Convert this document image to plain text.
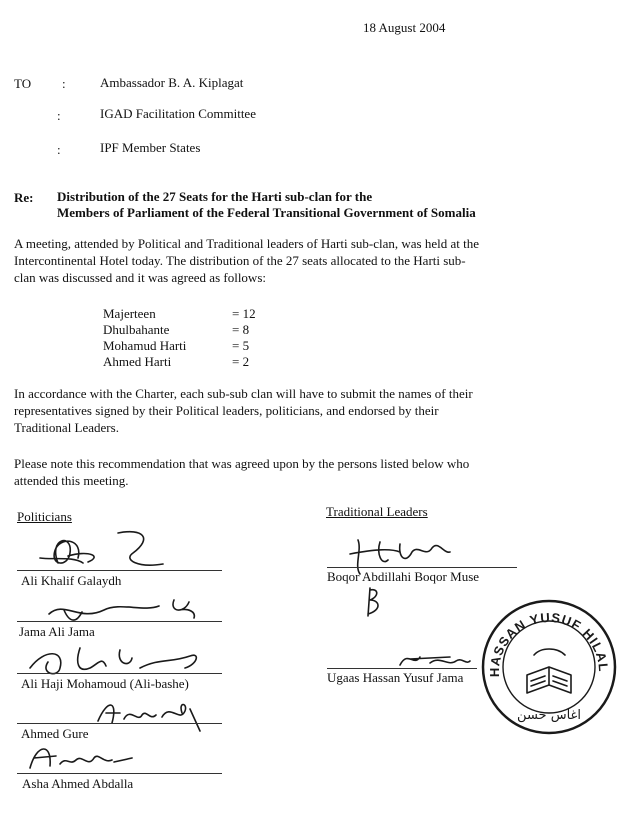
18 August 2004
TO :	Ambassador B. A. Kiplagat
:	IGAD Facilitation Committee
:	IPF Member States
Re: Distribution of the 27 Seats for the Harti sub-clan for the
Members of Parliament of the Federal Transitional Government of Somalia
A meeting, attended by Political and Traditional leaders of Harti sub-clan, was held at the
Intercontinental Hotel today. The distribution of the 27 seats allocated to the Harti sub-
clan was discussed and it was agreed as follows:
Majerteen	= 12
Dhulbahante	= 8
Mohamud Harti	= 5
Ahmed Harti	= 2
In accordance with the Charter, each sub-sub clan will have to submit the names of their
representatives signed by their Political leaders, politicians, and endorsed by their
Traditional Leaders.
Please note this recommendation that was agreed upon by the persons listed below who
attended this meeting.
Politicians	Traditional Leaders
Ali Khalif Galaydh
Jama Ali Jama
Ali Haji Mohamoud (Ali-bashe)
Ahmed Gure
Asha Ahmed Abdalla
Boqor Abdillahi Boqor Muse
Ugaas Hassan Yusuf Jama	HASSAN YUSUF HILALI
اغاس حسن
